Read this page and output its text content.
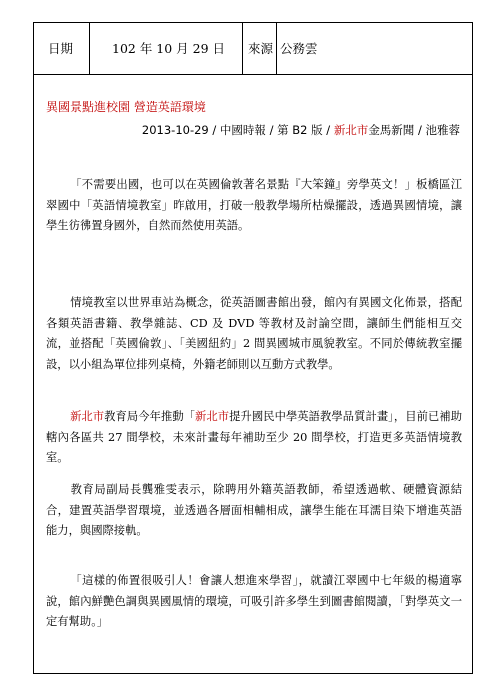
日期	102 年 10 月 29 日 來源 公務雲
異國景點進校園 營造英語環境
2013-10-29 / 中國時報 / 第 B2 版 / 新北市金馬新聞 / 池雅蓉

「不需要出國，也可以在英國倫敦著名景點『大笨鐘』旁學英文！」板橋區江翠國中「英語情境教室」昨啟用，打破一般教學場所枯燥擺設，透過異國情境，讓學生彷彿置身國外，自然而然使用英語。

情境教室以世界車站為概念，從英語圖書館出發，館內有異國文化佈景，搭配各類英語書籍、教學雜誌、CD 及 DVD 等教材及討論空間，讓師生們能相互交流，並搭配「英國倫敦」、「美國紐約」2 間異國城市風貌教室。不同於傳統教室擺設，以小組為單位排列桌椅，外籍老師則以互動方式教學。

新北市教育局今年推動「新北市提升國民中學英語教學品質計畫」，目前已補助轄內各區共 27 間學校，未來計畫每年補助至少 20 間學校，打造更多英語情境教室。

教育局副局長龔雅雯表示，除聘用外籍英語教師，希望透過軟、硬體資源結合，建置英語學習環境，並透過各層面相輔相成，讓學生能在耳濡目染下增進英語能力，與國際接軌。

「這樣的佈置很吸引人！會讓人想進來學習」，就讀江翠國中七年級的楊適寧說，館內鮮艷色調與異國風情的環境，可吸引許多學生到圖書館閱讀，「對學英文一定有幫助。」
